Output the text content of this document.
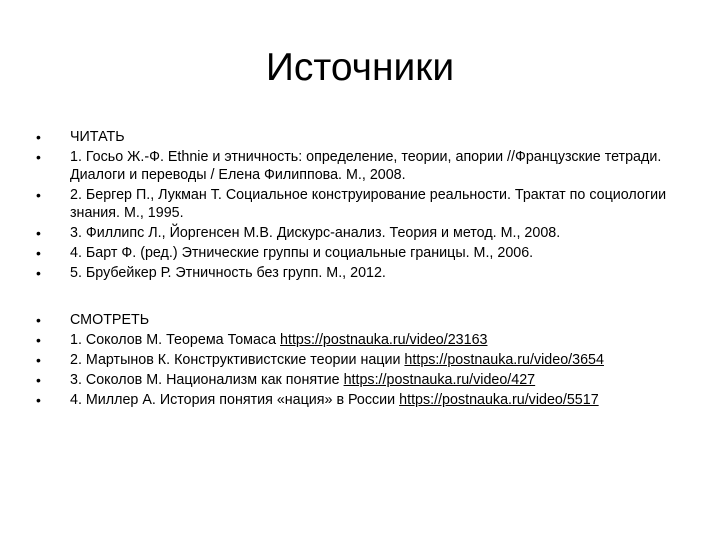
Источники
•	ЧИТАТЬ
•	1. Госьо Ж.-Ф. Ethnie и этничность: определение, теории, апории //Французские тетради. Диалоги и переводы / Елена Филиппова. М., 2008.
•	2. Бергер П., Лукман Т. Социальное конструирование реальности. Трактат по социологии знания. М., 1995.
•	3. Филлипс Л., Йоргенсен М.В. Дискурс-анализ. Теория и метод. М., 2008.
•	4. Барт Ф. (ред.) Этнические группы и социальные границы. М., 2006.
•	5. Брубейкер Р. Этничность без групп. М., 2012.
•	СМОТРЕТЬ
•	1. Соколов М. Теорема Томаса https://postnauka.ru/video/23163
•	2. Мартынов К. Конструктивистские теории нации https://postnauka.ru/video/3654
•	3. Соколов М. Национализм как понятие https://postnauka.ru/video/427
•	4. Миллер А. История понятия «нация» в России https://postnauka.ru/video/5517
